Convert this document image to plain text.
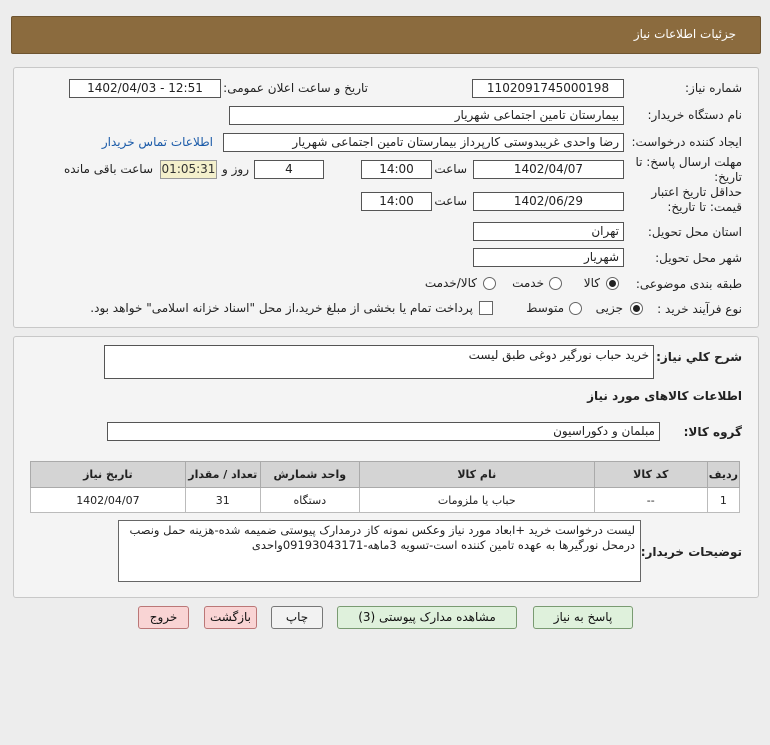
جزئیات اطلاعات نیاز
شماره نیاز:
1102091745000198
تاریخ و ساعت اعلان عمومی:
1402/04/03 - 12:51
نام دستگاه خریدار:
بیمارستان تامین اجتماعی شهریار
ایجاد کننده درخواست:
رضا واحدی غریبدوستی کارپرداز بیمارستان تامین اجتماعی شهریار
اطلاعات تماس خریدار
مهلت ارسال پاسخ: تا
تاریخ:
1402/04/07
ساعت
14:00
4
روز و
01:05:31
ساعت باقی مانده
حداقل تاریخ اعتبار
قیمت: تا تاریخ:
1402/06/29
ساعت
14:00
استان محل تحویل:
تهران
شهر محل تحویل:
شهریار
طبقه بندی موضوعی:
کالا
خدمت
کالا/خدمت
نوع فرآیند خرید :
جزیی
متوسط
پرداخت تمام یا بخشی از مبلغ خرید،از محل "اسناد خزانه اسلامی" خواهد بود.
شرح کلي نياز:
خرید حباب نورگیر دوغی طبق لیست
اطلاعات کالاهای مورد نیاز
گروه کالا:
مبلمان و دکوراسیون
ردیف	کد کالا	نام کالا	واحد شمارش	تعداد / مقدار	تاریخ نیاز
1	--	حباب یا ملزومات	دستگاه	31	1402/04/07
توضیحات خریدار:
لیست درخواست خرید +ابعاد مورد نیاز وعکس نمونه کاز درمدارک پیوستی ضمیمه شده-هزینه حمل ونصب درمحل نورگیرها به عهده تامین کننده است-تسویه 3ماهه-09193043171واحدی
پاسخ به نیاز
مشاهده مدارک پیوستی (3)
چاپ
بازگشت
خروج
